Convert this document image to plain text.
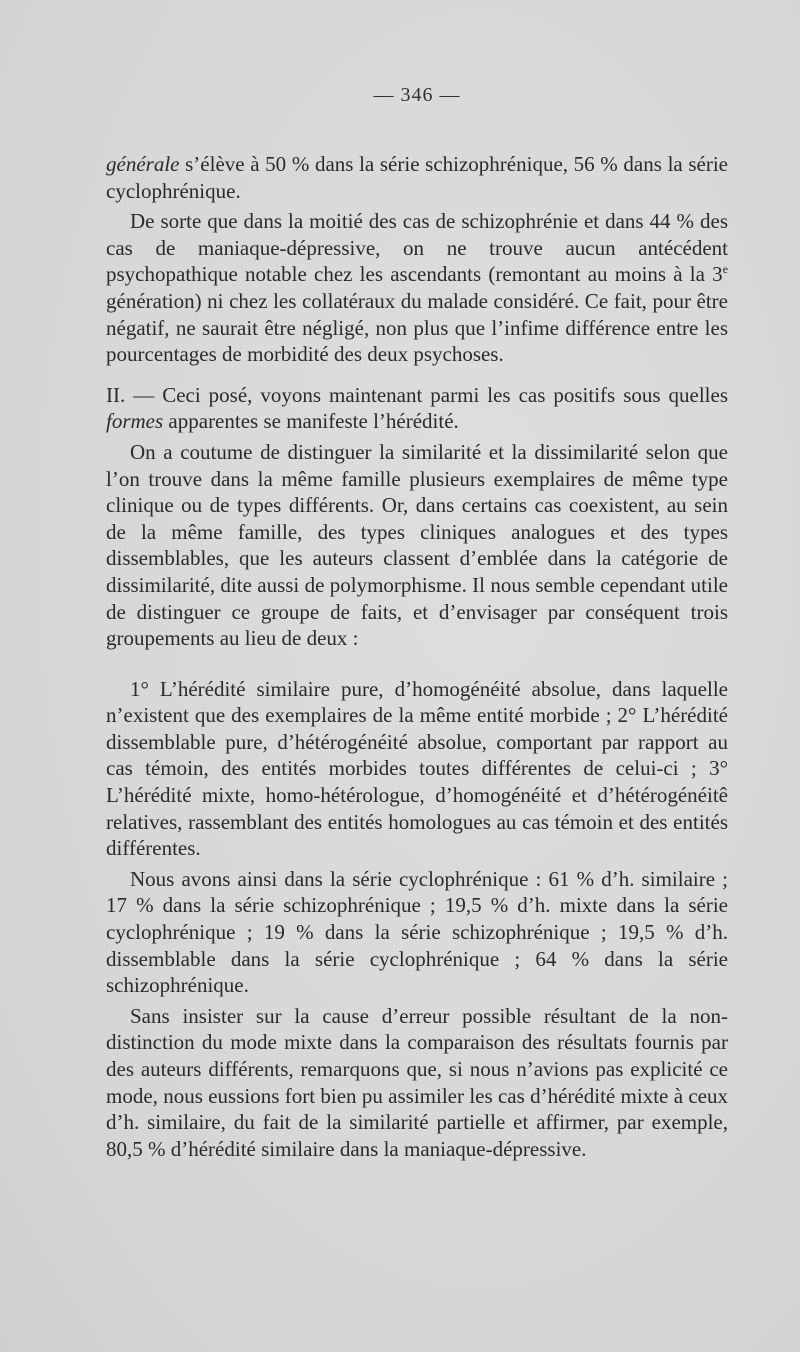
— 346 —

générale s’élève à 50 % dans la série schizophrénique, 56 % dans la série cyclophrénique.

De sorte que dans la moitié des cas de schizophrénie et dans 44 % des cas de maniaque-dépressive, on ne trouve aucun antécédent psychopathique notable chez les ascendants (remontant au moins à la 3e génération) ni chez les collatéraux du malade considéré. Ce fait, pour être négatif, ne saurait être négligé, non plus que l’infime différence entre les pourcentages de morbidité des deux psychoses.

II. — Ceci posé, voyons maintenant parmi les cas positifs sous quelles formes apparentes se manifeste l’hérédité.

On a coutume de distinguer la similarité et la dissimilarité selon que l’on trouve dans la même famille plusieurs exemplaires de même type clinique ou de types différents. Or, dans certains cas coexistent, au sein de la même famille, des types cliniques analogues et des types dissemblables, que les auteurs classent d’emblée dans la catégorie de dissimilarité, dite aussi de polymorphisme. Il nous semble cependant utile de distinguer ce groupe de faits, et d’envisager par conséquent trois groupements au lieu de deux :

1° L’hérédité similaire pure, d’homogénéité absolue, dans laquelle n’existent que des exemplaires de la même entité morbide ; 2° L’hérédité dissemblable pure, d’hétérogénéité absolue, comportant par rapport au cas témoin, des entités morbides toutes différentes de celui-ci ; 3° L’hérédité mixte, homo-hétérologue, d’homogénéité et d’hétérogénéitê relatives, rassemblant des entités homologues au cas témoin et des entités différentes.

Nous avons ainsi dans la série cyclophrénique : 61 % d’h. similaire ; 17 % dans la série schizophrénique ; 19,5 % d’h. mixte dans la série cyclophrénique ; 19 % dans la série schizophrénique ; 19,5 % d’h. dissemblable dans la série cyclophrénique ; 64 % dans la série schizophrénique.

Sans insister sur la cause d’erreur possible résultant de la non-distinction du mode mixte dans la comparaison des résultats fournis par des auteurs différents, remarquons que, si nous n’avions pas explicité ce mode, nous eussions fort bien pu assimiler les cas d’hérédité mixte à ceux d’h. similaire, du fait de la similarité partielle et affirmer, par exemple, 80,5 % d’hérédité similaire dans la maniaque-dépressive.
